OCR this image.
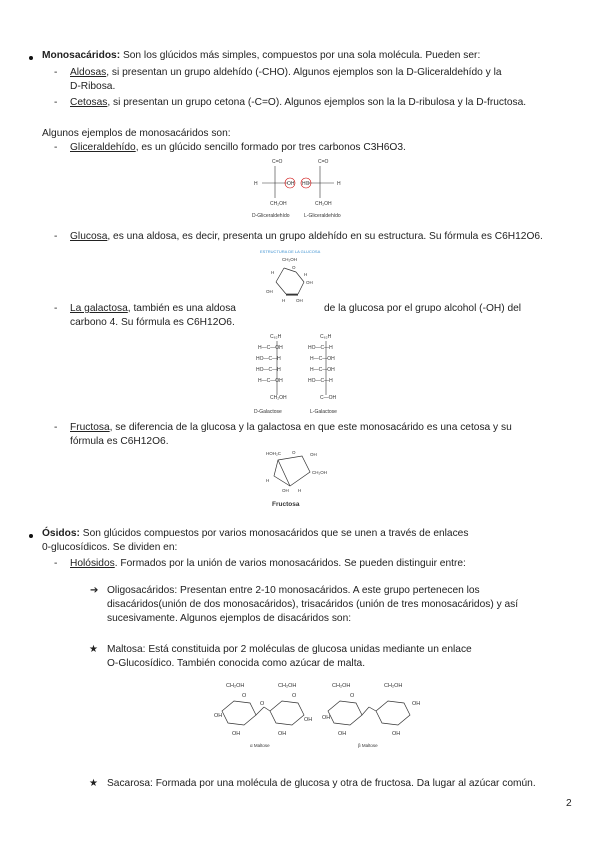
Monosacáridos: Son los glúcidos más simples, compuestos por una sola molécula. Pueden ser:
- Aldosas, si presentan un grupo aldehído (-CHO). Algunos ejemplos son la D-Gliceraldehído y la
D-Ribosa.
- Cetosas, si presentan un grupo cetona (-C=O). Algunos ejemplos son la la D-ribulosa y la D-fructosa.
Algunos ejemplos de monosacáridos son:
- Gliceraldehído, es un glúcido sencillo formado por tres carbonos C3H6O3.
C=O
H	OH
CH₂OH
C=O
HO	H
CH₂OH
D-Gliceraldehído	L-Gliceraldehído
- Glucosa, es una aldosa, es decir, presenta un grupo aldehído en su estructura. Su fórmula es C6H12O6.
ESTRUCTURA DE LA GLUCOSA
CH₂OH
H
O
H
OH
OH
H OH
- La galactosa, también es una aldosa	de la glucosa por el grupo alcohol (-OH) del
carbono 4. Su fórmula es C6H12O6.
C₆₂H
H—C—OH
HO—C—H
HO—C—H
H—C—OH
CH₂OH
C₆₂H
HO—C—H
H—C—OH
H—C—OH
HO—C—H
C—OH
D-Galactose	L-Galactose
- Fructosa, se diferencia de la glucosa y la galactosa en que este monosacárido es una cetosa y su
fórmula es C6H12O6.
HOH₂C O	OH
CH₂OH
H
OH H
Fructosa
Ósidos: Son glúcidos compuestos por varios monosacáridos que se unen a través de enlaces
0-glucosídicos. Se dividen en:
- Holósidos. Formados por la unión de varios monosacáridos. Se pueden distinguir entre:
➔ Oligosacáridos: Presentan entre 2-10 monosacáridos. A este grupo pertenecen los
disacáridos(unión de dos monosacáridos), trisacáridos (unión de tres monosacáridos) y así
sucesivamente. Algunos ejemplos de disacáridos son:
★ Maltosa: Está constituida por 2 moléculas de glucosa unidas mediante un enlace
O-Glucosídico. También conocida como azúcar de malta.
CH₂OH	CH₂OH
O	O
OH
O
OH	OH
OH
CH₂OH	CH₂OH
O
OH
OH
OH	OH
α Maltose	β Maltose
★ Sacarosa: Formada por una molécula de glucosa y otra de fructosa. Da lugar al azúcar común.
2
